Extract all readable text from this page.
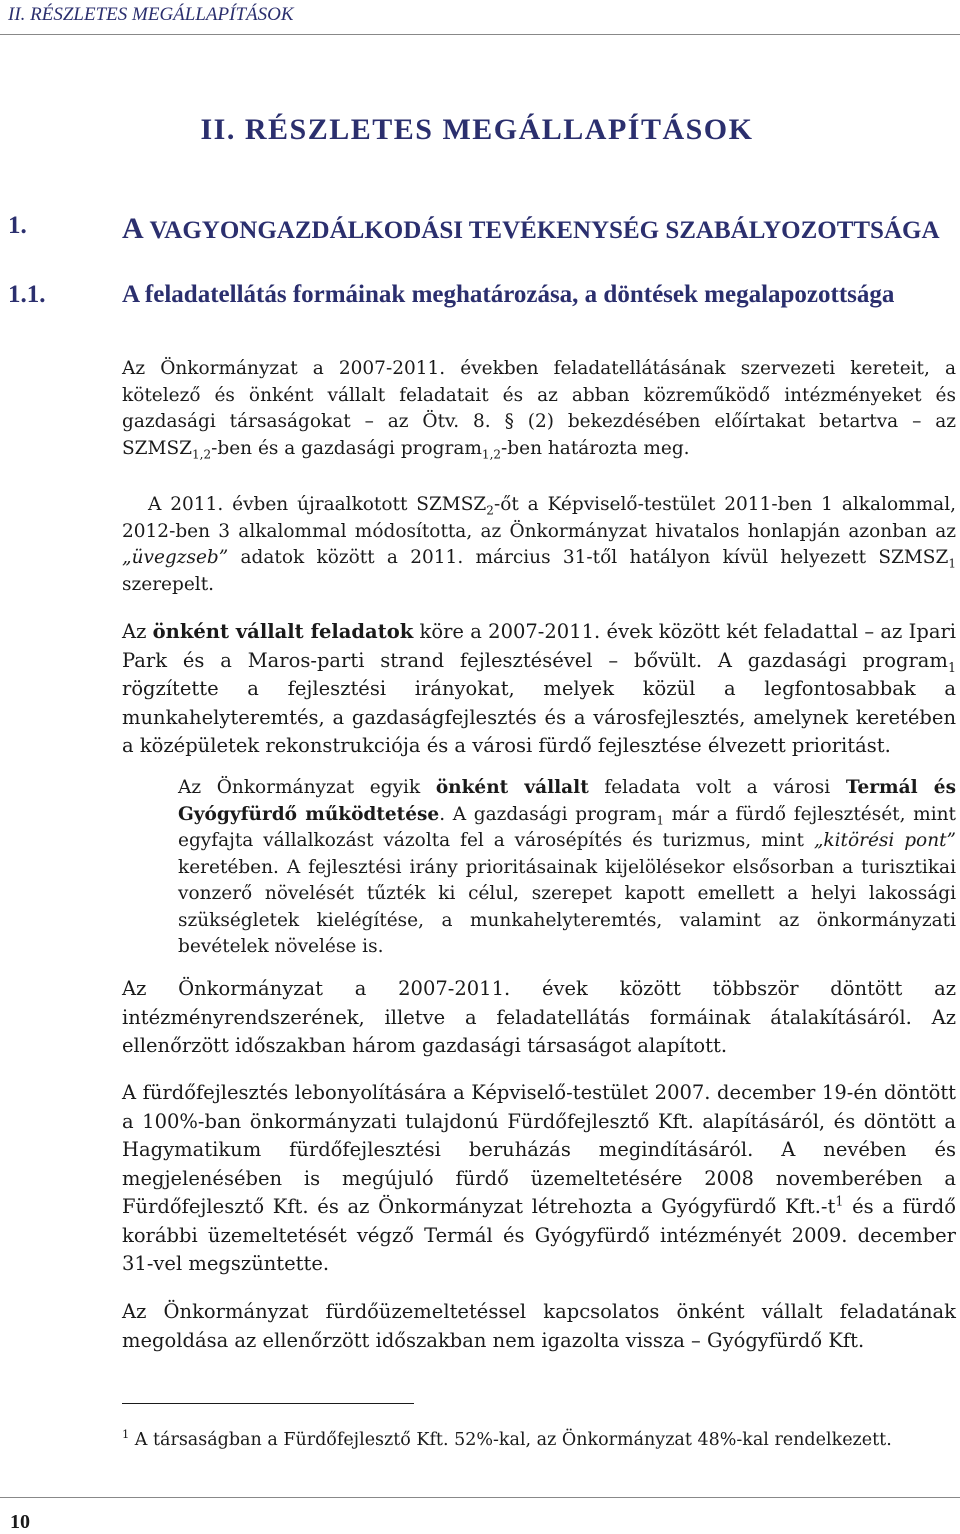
II. RÉSZLETES MEGÁLLAPÍTÁSOK
II. RÉSZLETES MEGÁLLAPÍTÁSOK
1.	A VAGYONGAZDÁLKODÁSI TEVÉKENYSÉG SZABÁLYOZOTTSÁGA
1.1.	A feladatellátás formáinak meghatározása, a döntések megalapozottsága

Az Önkormányzat a 2007-2011. években feladatellátásának szervezeti kereteit, a kötelező és önként vállalt feladatait és az abban közreműködő intézményeket és gazdasági társaságokat – az Ötv. 8. § (2) bekezdésében előírtakat betartva – az $SZMSZ_{1,2}$-ben és a gazdasági program$_{1,2}$-ben határozta meg.

A 2011. évben újraalkotott $SZMSZ_2-őt$ a Képviselő-testület 2011-ben 1 alkalommal, 2012-ben 3 alkalommal módosította, az Önkormányzat hivatalos honlapján azonban az „üvegzseb” adatok között a 2011. március 31-től hatályon kívül helyezett $SZMSZ_1$ szerepelt.

Az önként vállalt feladatok köre a 2007-2011. évek között két feladattal – az Ipari Park és a Maros-parti strand fejlesztésével – bővült. A gazdasági program$_1$ rögzítette a fejlesztési irányokat, melyek közül a legfontosabbak a munkahelyteremtés, a gazdaságfejlesztés és a városfejlesztés, amelynek keretében a középületek rekonstrukciója és a városi fürdő fejlesztése élvezett prioritást.

Az Önkormányzat egyik önként vállalt feladata volt a városi Termál és Gyógyfürdő működtetése. A gazdasági program$_1$ már a fürdő fejlesztését, mint egyfajta vállalkozást vázolta fel a városépítés és turizmus, mint „kitörési pont” keretében. A fejlesztési irány prioritásainak kijelölésekor elsősorban a turisztikai vonzerő növelését tűzték ki célul, szerepet kapott emellett a helyi lakossági szükségletek kielégítése, a munkahelyteremtés, valamint az önkormányzati bevételek növelése is.

Az Önkormányzat a 2007-2011. évek között többször döntött az intézményrendszerének, illetve a feladatellátás formáinak átalakításáról. Az ellenőrzött időszakban három gazdasági társaságot alapított.

A fürdőfejlesztés lebonyolítására a Képviselő-testület 2007. december 19-én döntött a 100%-ban önkormányzati tulajdonú Fürdőfejlesztő Kft. alapításáról, és döntött a Hagymatikum fürdőfejlesztési beruházás megindításáról. A nevében és megjelenésében is megújuló fürdő üzemeltetésére 2008 novemberében a Fürdőfejlesztő Kft. és az Önkormányzat létrehozta a Gyógyfürdő $Kft.-t^1$ és a fürdő korábbi üzemeltetését végző Termál és Gyógyfürdő intézményét 2009. december 31-vel megszüntette.

Az Önkormányzat fürdőüzemeltetéssel kapcsolatos önként vállalt feladatának megoldása az ellenőrzött időszakban nem igazolta vissza – Gyógyfürdő Kft.

$^1$ A társaságban a Fürdőfejlesztő Kft. 52%-kal, az Önkormányzat 48%-kal rendelkezett.
10
